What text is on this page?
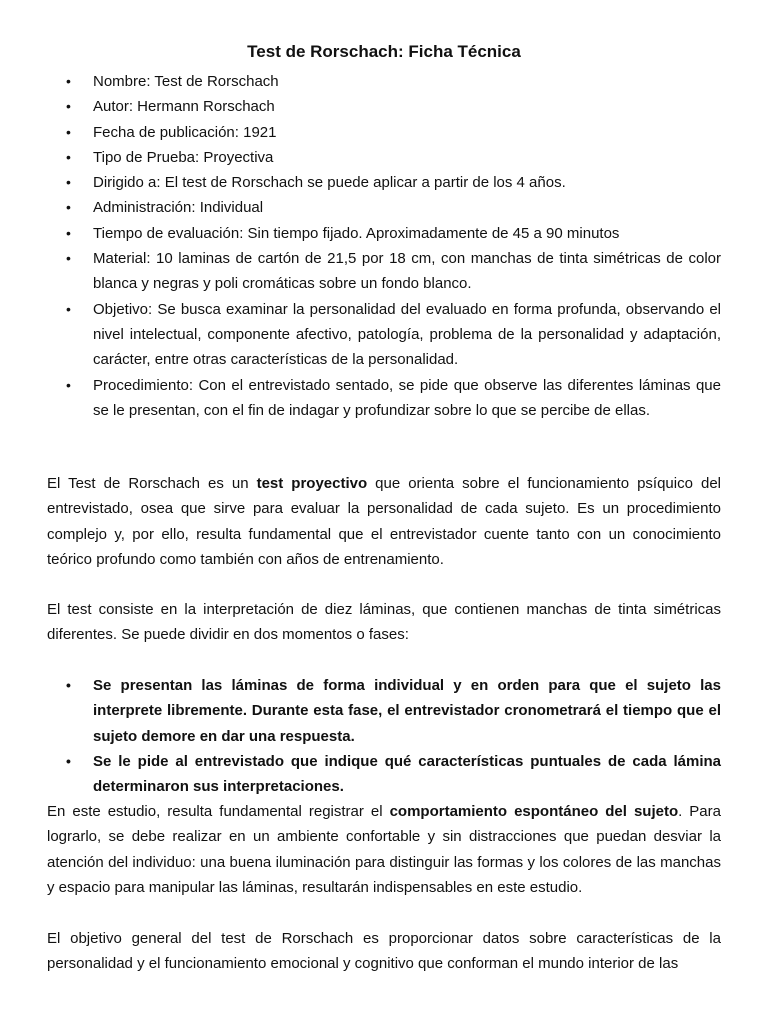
Test de Rorschach: Ficha Técnica
• Nombre: Test de Rorschach
• Autor: Hermann Rorschach
• Fecha de publicación: 1921
• Tipo de Prueba: Proyectiva
• Dirigido a: El test de Rorschach se puede aplicar a partir de los 4 años.
• Administración: Individual
• Tiempo de evaluación: Sin tiempo fijado. Aproximadamente de 45 a 90 minutos
• Material: 10 laminas de cartón de 21,5 por 18 cm, con manchas de tinta simétricas de color blanca y negras y poli cromáticas sobre un fondo blanco.
• Objetivo: Se busca examinar la personalidad del evaluado en forma profunda, observando el nivel intelectual, componente afectivo, patología, problema de la personalidad y adaptación, carácter, entre otras características de la personalidad.
• Procedimiento: Con el entrevistado sentado, se pide que observe las diferentes láminas que se le presentan, con el fin de indagar y profundizar sobre lo que se percibe de ellas.

El Test de Rorschach es un test proyectivo que orienta sobre el funcionamiento psíquico del entrevistado, osea que sirve para evaluar la personalidad de cada sujeto. Es un procedimiento complejo y, por ello, resulta fundamental que el entrevistador cuente tanto con un conocimiento teórico profundo como también con años de entrenamiento.

El test consiste en la interpretación de diez láminas, que contienen manchas de tinta simétricas diferentes. Se puede dividir en dos momentos o fases:

• Se presentan las láminas de forma individual y en orden para que el sujeto las interprete libremente. Durante esta fase, el entrevistador cronometrará el tiempo que el sujeto demore en dar una respuesta.
• Se le pide al entrevistado que indique qué características puntuales de cada lámina determinaron sus interpretaciones.

En este estudio, resulta fundamental registrar el comportamiento espontáneo del sujeto. Para lograrlo, se debe realizar en un ambiente confortable y sin distracciones que puedan desviar la atención del individuo: una buena iluminación para distinguir las formas y los colores de las manchas y espacio para manipular las láminas, resultarán indispensables en este estudio.

El objetivo general del test de Rorschach es proporcionar datos sobre características de la personalidad y el funcionamiento emocional y cognitivo que conforman el mundo interior de las
